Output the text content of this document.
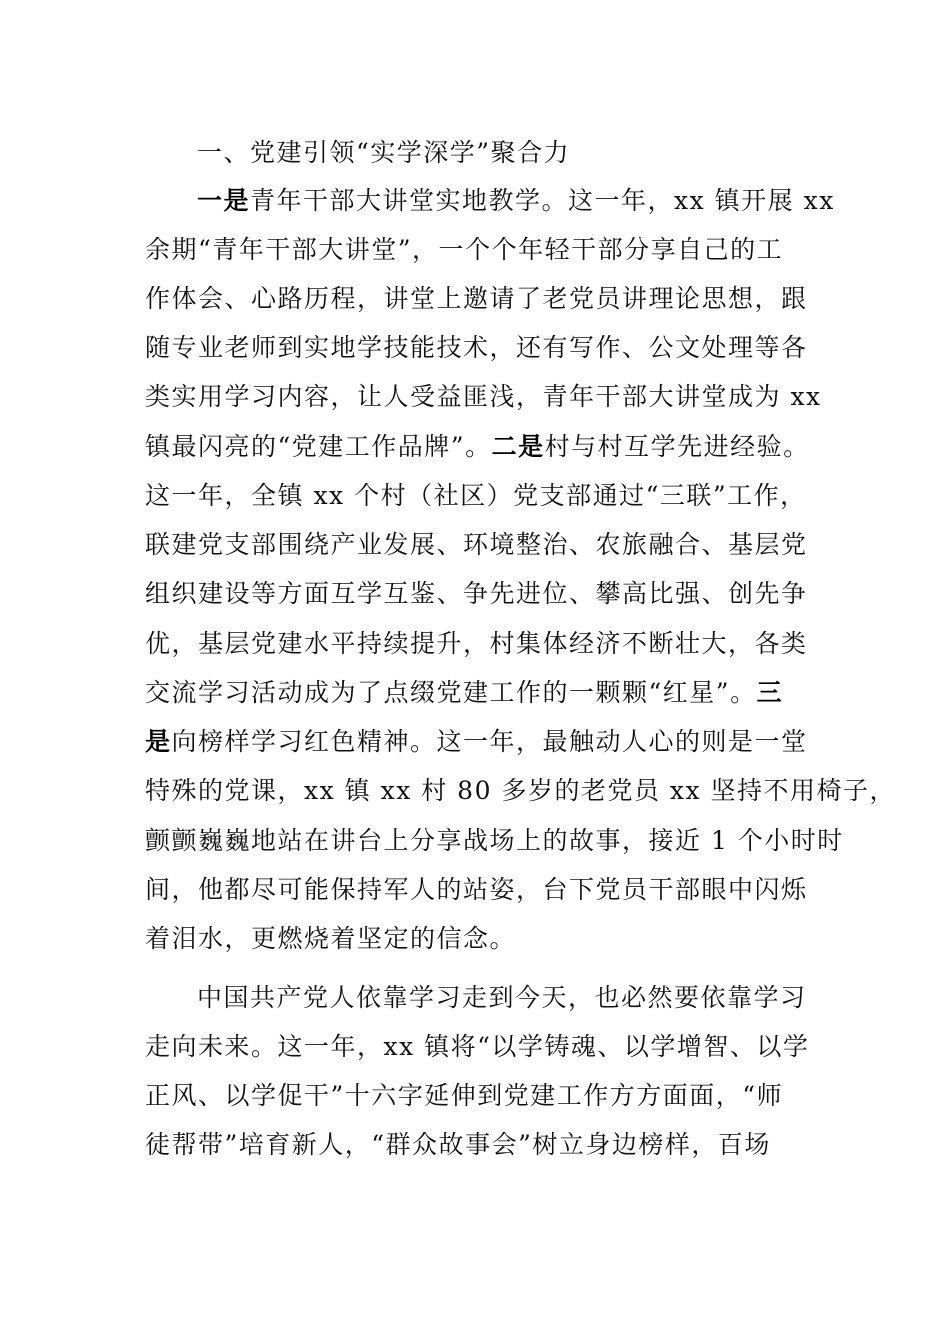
一、党建引领“实学深学”聚合力
一是青年干部大讲堂实地教学。这一年，xx 镇开展 xx
余期“青年干部大讲堂”，一个个年轻干部分享自己的工
作体会、心路历程，讲堂上邀请了老党员讲理论思想，跟
随专业老师到实地学技能技术，还有写作、公文处理等各
类实用学习内容，让人受益匪浅，青年干部大讲堂成为 xx
镇最闪亮的“党建工作品牌”。二是村与村互学先进经验。
这一年，全镇 xx 个村（社区）党支部通过“三联”工作，
联建党支部围绕产业发展、环境整治、农旅融合、基层党
组织建设等方面互学互鉴、争先进位、攀高比强、创先争
优，基层党建水平持续提升，村集体经济不断壮大，各类
交流学习活动成为了点缀党建工作的一颗颗“红星”。三
是向榜样学习红色精神。这一年，最触动人心的则是一堂
特殊的党课，xx 镇 xx 村 80 多岁的老党员 xx 坚持不用椅子，
颤颤巍巍地站在讲台上分享战场上的故事，接近 1 个小时时
间，他都尽可能保持军人的站姿，台下党员干部眼中闪烁
着泪水，更燃烧着坚定的信念。
中国共产党人依靠学习走到今天，也必然要依靠学习
走向未来。这一年，xx 镇将“以学铸魂、以学增智、以学
正风、以学促干”十六字延伸到党建工作方方面面，“师
徒帮带”培育新人，“群众故事会”树立身边榜样，百场
